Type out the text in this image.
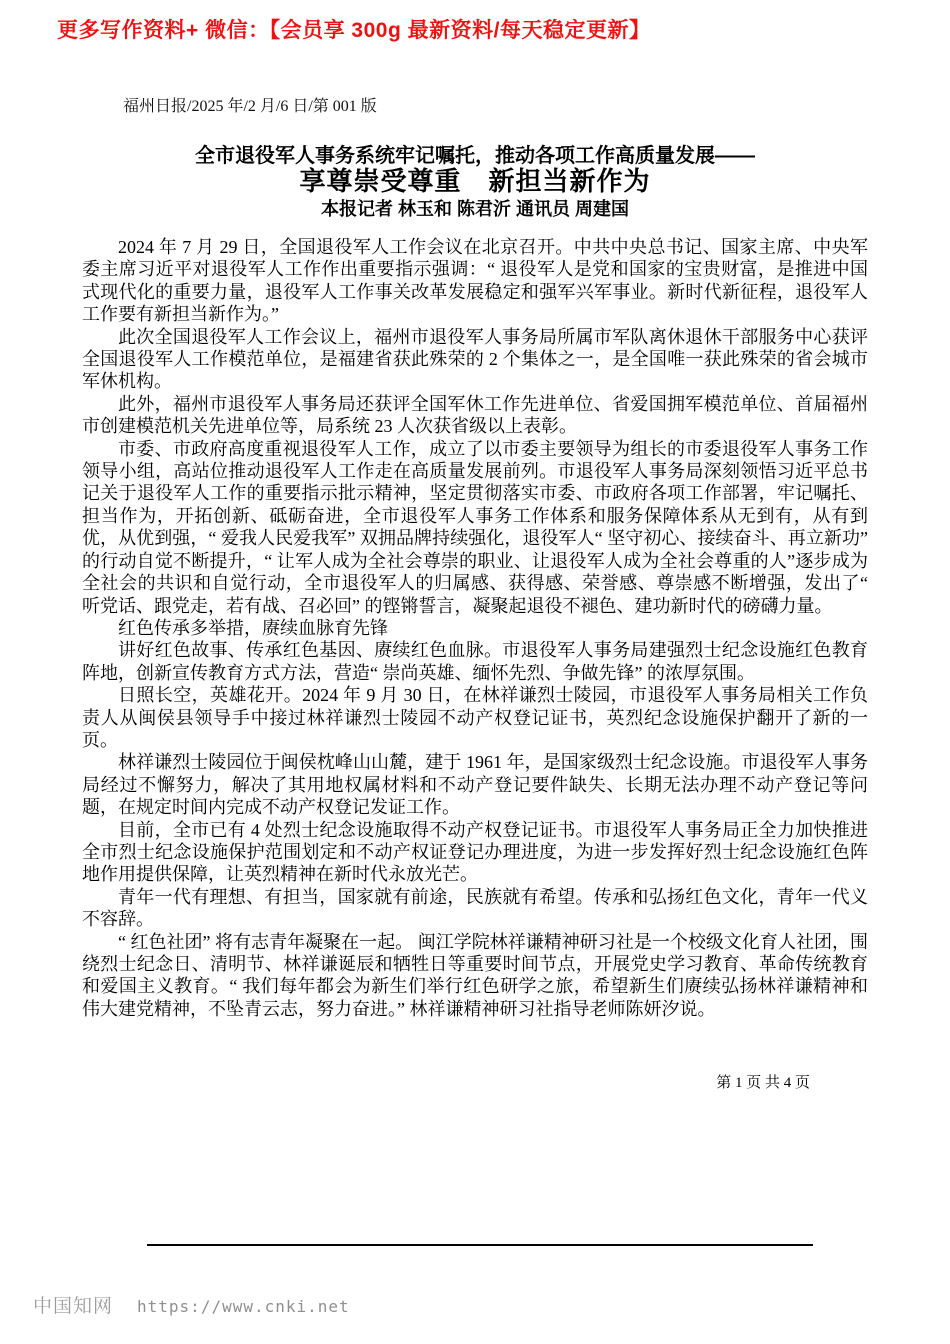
更多写作资料+ 微信：【会员享 300g 最新资料/每天稳定更新】
福州日报/2025 年/2 月/6 日/第 001 版
全市退役军人事务系统牢记嘱托，推动各项工作高质量发展——
享尊崇受尊重　新担当新作为
本报记者 林玉和 陈君沂 通讯员 周建国

2024 年 7 月 29 日，全国退役军人工作会议在北京召开。中共中央总书记、国家主席、中央军委主席习近平对退役军人工作作出重要指示强调：“ 退役军人是党和国家的宝贵财富，是推进中国式现代化的重要力量，退役军人工作事关改革发展稳定和强军兴军事业。新时代新征程，退役军人工作要有新担当新作为。”

此次全国退役军人工作会议上，福州市退役军人事务局所属市军队离休退休干部服务中心获评全国退役军人工作模范单位，是福建省获此殊荣的 2 个集体之一，是全国唯一获此殊荣的省会城市军休机构。

此外，福州市退役军人事务局还获评全国军休工作先进单位、省爱国拥军模范单位、首届福州市创建模范机关先进单位等，局系统 23 人次获省级以上表彰。

市委、市政府高度重视退役军人工作，成立了以市委主要领导为组长的市委退役军人事务工作领导小组，高站位推动退役军人工作走在高质量发展前列。市退役军人事务局深刻领悟习近平总书记关于退役军人工作的重要指示批示精神，坚定贯彻落实市委、市政府各项工作部署，牢记嘱托、担当作为，开拓创新、砥砺奋进，全市退役军人事务工作体系和服务保障体系从无到有，从有到优，从优到强，“ 爱我人民爱我军” 双拥品牌持续强化，退役军人“ 坚守初心、接续奋斗、再立新功” 的行动自觉不断提升，“ 让军人成为全社会尊崇的职业、让退役军人成为全社会尊重的人”逐步成为全社会的共识和自觉行动，全市退役军人的归属感、获得感、荣誉感、尊崇感不断增强，发出了“ 听党话、跟党走，若有战、召必回” 的铿锵誓言，凝聚起退役不褪色、建功新时代的磅礴力量。

红色传承多举措，赓续血脉育先锋

讲好红色故事、传承红色基因、赓续红色血脉。市退役军人事务局建强烈士纪念设施红色教育阵地，创新宣传教育方式方法，营造“ 崇尚英雄、缅怀先烈、争做先锋” 的浓厚氛围。

日照长空，英雄花开。2024 年 9 月 30 日，在林祥谦烈士陵园，市退役军人事务局相关工作负责人从闽侯县领导手中接过林祥谦烈士陵园不动产权登记证书，英烈纪念设施保护翻开了新的一页。

林祥谦烈士陵园位于闽侯枕峰山山麓，建于 1961 年，是国家级烈士纪念设施。市退役军人事务局经过不懈努力，解决了其用地权属材料和不动产登记要件缺失、长期无法办理不动产登记等问题，在规定时间内完成不动产权登记发证工作。

目前，全市已有 4 处烈士纪念设施取得不动产权登记证书。市退役军人事务局正全力加快推进全市烈士纪念设施保护范围划定和不动产权证登记办理进度，为进一步发挥好烈士纪念设施红色阵地作用提供保障，让英烈精神在新时代永放光芒。

青年一代有理想、有担当，国家就有前途，民族就有希望。传承和弘扬红色文化，青年一代义不容辞。

“ 红色社团” 将有志青年凝聚在一起。 闽江学院林祥谦精神研习社是一个校级文化育人社团，围绕烈士纪念日、清明节、林祥谦诞辰和牺牲日等重要时间节点，开展党史学习教育、革命传统教育和爱国主义教育。“ 我们每年都会为新生们举行红色研学之旅，希望新生们赓续弘扬林祥谦精神和伟大建党精神，不坠青云志，努力奋进。” 林祥谦精神研习社指导老师陈妍汐说。

第 1 页 共 4 页
中国知网 https://www.cnki.net
